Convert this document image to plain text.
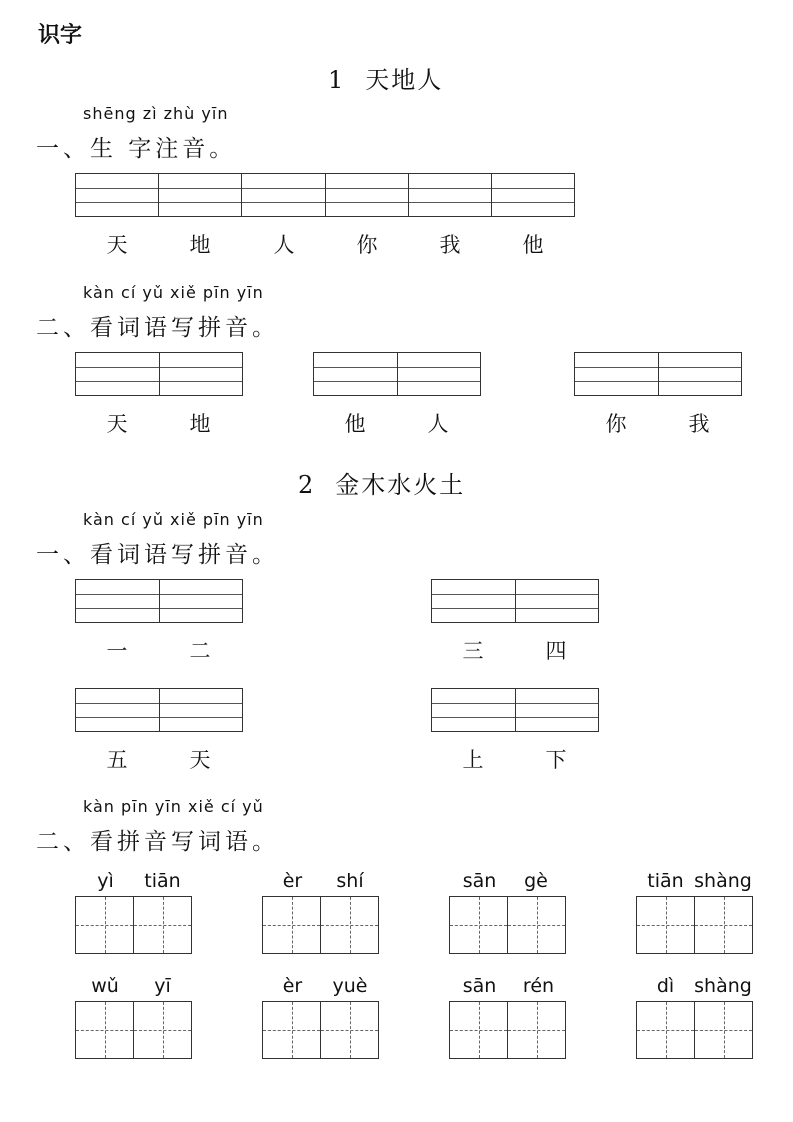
识字
1 天地人
shēng zì zhù yīn
一、生 字注音。
天	地	人	你	我	他
kàn cí yǔ xiě pīn yīn
二、看词语写拼音。
天	地	他	人	你	我
2 金木水火土
kàn cí yǔ xiě pīn yīn
一、看词语写拼音。
一	二	三	四
五	天	上	下
kàn pīn yīn xiě cí yǔ
二、看拼音写词语。
yì	tiān	èr	shí	sān	gè	tiān shàng
wǔ	yī	èr	yuè	sān	rén	dì	shàng
